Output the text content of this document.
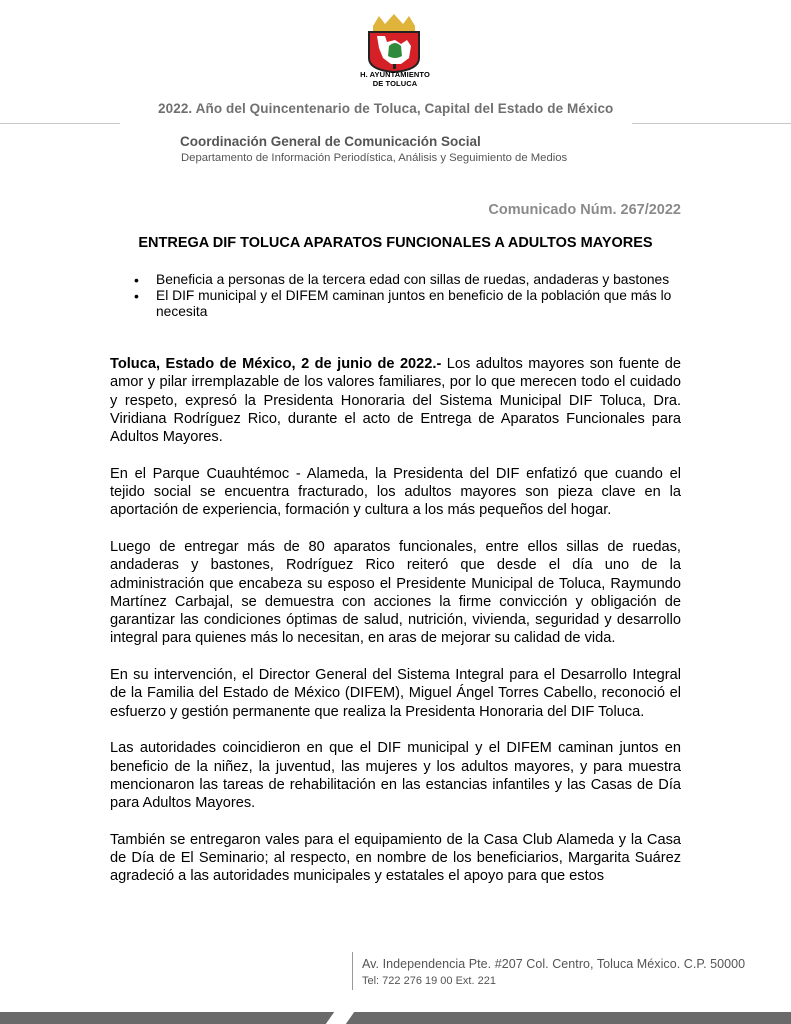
H. AYUNTAMIENTO
DE TOLUCA
2022. Año del Quincentenario de Toluca, Capital del Estado de México
Coordinación General de Comunicación Social
Departamento de Información Periodística, Análisis y Seguimiento de Medios
Comunicado Núm. 267/2022
ENTREGA DIF TOLUCA APARATOS FUNCIONALES A ADULTOS MAYORES
• Beneficia a personas de la tercera edad con sillas de ruedas, andaderas y bastones
• El DIF municipal y el DIFEM caminan juntos en beneficio de la población que más lo necesita

Toluca, Estado de México, 2 de junio de 2022.- Los adultos mayores son fuente de amor y pilar irremplazable de los valores familiares, por lo que merecen todo el cuidado y respeto, expresó la Presidenta Honoraria del Sistema Municipal DIF Toluca, Dra. Viridiana Rodríguez Rico, durante el acto de Entrega de Aparatos Funcionales para Adultos Mayores.

En el Parque Cuauhtémoc - Alameda, la Presidenta del DIF enfatizó que cuando el tejido social se encuentra fracturado, los adultos mayores son pieza clave en la aportación de experiencia, formación y cultura a los más pequeños del hogar.

Luego de entregar más de 80 aparatos funcionales, entre ellos sillas de ruedas, andaderas y bastones, Rodríguez Rico reiteró que desde el día uno de la administración que encabeza su esposo el Presidente Municipal de Toluca, Raymundo Martínez Carbajal, se demuestra con acciones la firme convicción y obligación de garantizar las condiciones óptimas de salud, nutrición, vivienda, seguridad y desarrollo integral para quienes más lo necesitan, en aras de mejorar su calidad de vida.

En su intervención, el Director General del Sistema Integral para el Desarrollo Integral de la Familia del Estado de México (DIFEM), Miguel Ángel Torres Cabello, reconoció el esfuerzo y gestión permanente que realiza la Presidenta Honoraria del DIF Toluca.

Las autoridades coincidieron en que el DIF municipal y el DIFEM caminan juntos en beneficio de la niñez, la juventud, las mujeres y los adultos mayores, y para muestra mencionaron las tareas de rehabilitación en las estancias infantiles y las Casas de Día para Adultos Mayores.

También se entregaron vales para el equipamiento de la Casa Club Alameda y la Casa de Día de El Seminario; al respecto, en nombre de los beneficiarios, Margarita Suárez agradeció a las autoridades municipales y estatales el apoyo para que estos

Av. Independencia Pte. #207 Col. Centro, Toluca México. C.P. 50000
Tel: 722 276 19 00 Ext. 221
